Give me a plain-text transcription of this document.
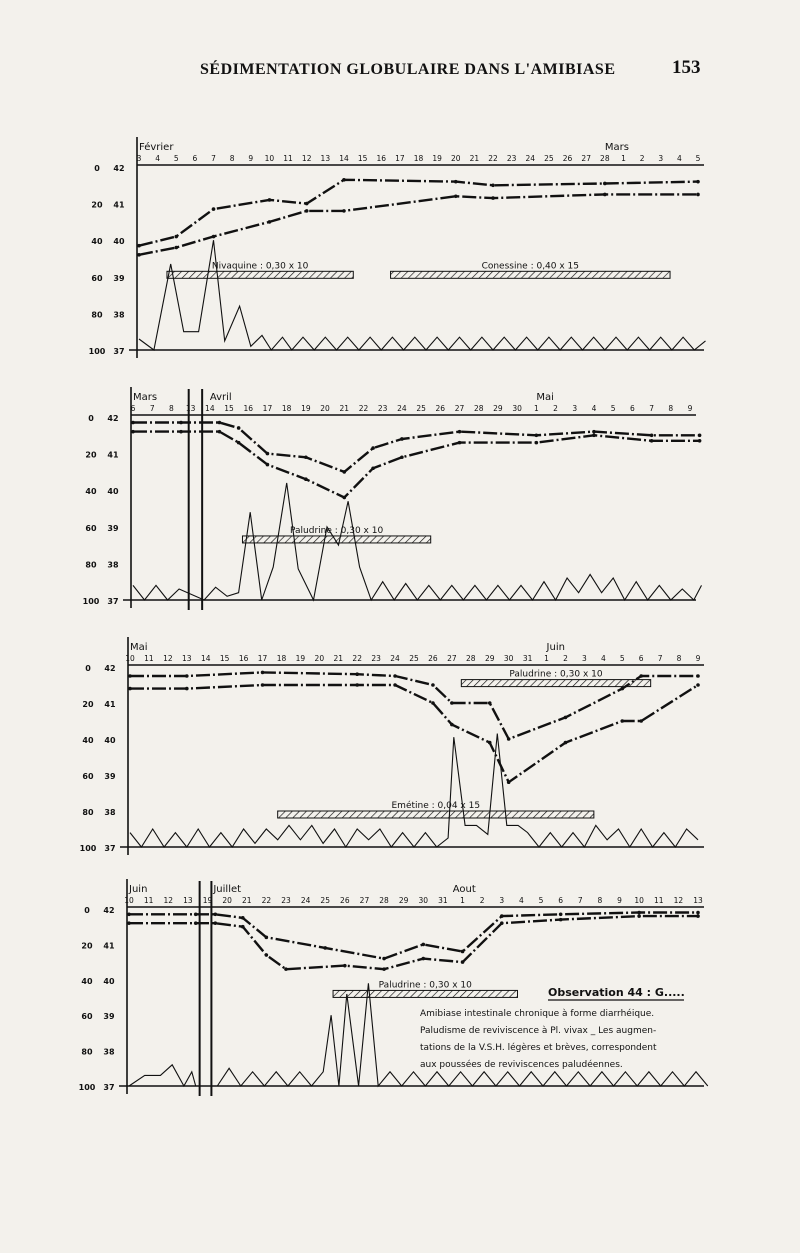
SÉDIMENTATION GLOBULAIRE DANS L'AMIBIASE	153
0
20
40
60
80
100
42
41
40
39
38
37
3 4 5 6 7 8 9 10 11 12 13 14 15 16 17 18 19 20 21 22 23 24 25 26 27 28 1 2 3 4 5
Février	Mars
Nivaquine : 0,30 x 10	Conessine : 0,40 x 15
0
20
40
60
80
100
42
41
40
39
38
37
6 7 8 13 14 15 16 17 18 19 20 21 22 23 24 25 26 27 28 29 30 1 2 3 4 5 6 7 8 9
Mars	Avril	Mai
Paludrine : 0,30 x 10
0
20
40
60
80
100
42
41
40
39
38
37
10 11 12 13 14 15 16 17 18 19 20 21 22 23 24 25 26 27 28 29 30 31 1 2 3 4 5 6 7 8 9
Mai	Juin
Paludrine : 0,30 x 10
Emétine : 0,04 x 15
0
20
40
60
80
100
42
41
40
39
38
37
10 11 12 13 19 20 21 22 23 24 25 26 27 28 29 30 31 1 2 3 4 5 6 7 8 9 10 11 12 13
Juin	Juillet	Aout
Paludrine : 0,30 x 10
Observation 44 : G.....
Amibiase intestinale chronique à forme diarrhéique.
Paludisme de reviviscence à Pl. vivax _ Les augmen-
tations de la V.S.H. légères et brèves, correspondent
aux poussées de reviviscences paludéennes.
